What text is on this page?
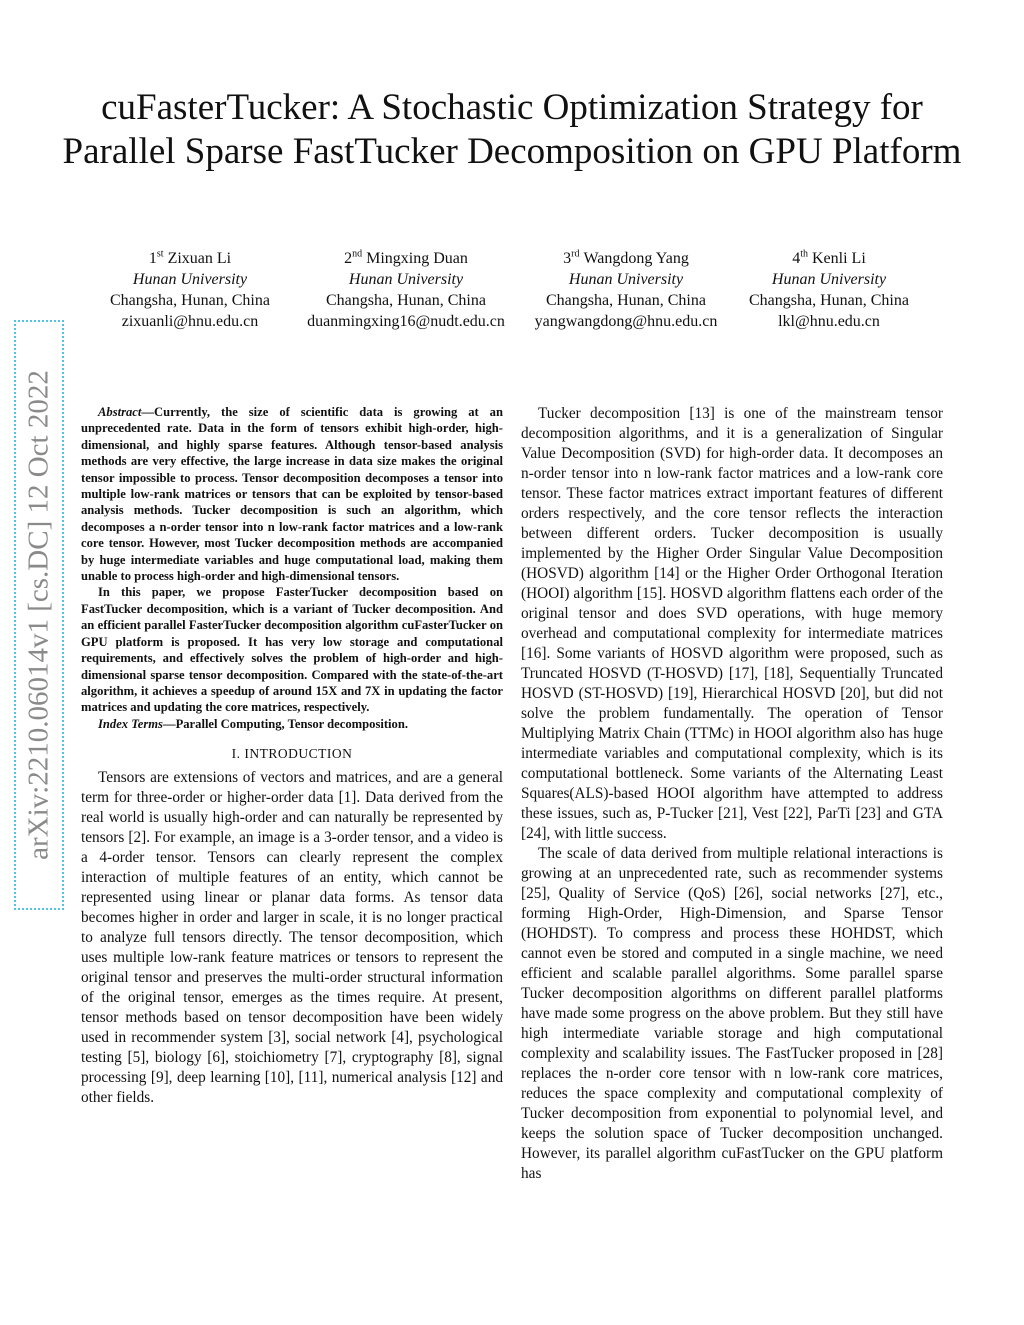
cuFasterTucker: A Stochastic Optimization Strategy for Parallel Sparse FastTucker Decomposition on GPU Platform
1st Zixuan Li
Hunan University
Changsha, Hunan, China
zixuanli@hnu.edu.cn
2nd Mingxing Duan
Hunan University
Changsha, Hunan, China
duanmingxing16@nudt.edu.cn
3rd Wangdong Yang
Hunan University
Changsha, Hunan, China
yangwangdong@hnu.edu.cn
4th Kenli Li
Hunan University
Changsha, Hunan, China
lkl@hnu.edu.cn
arXiv:2210.06014v1 [cs.DC] 12 Oct 2022	Abstract—Currently, the size of scientific data is growing at an unprecedented rate. Data in the form of tensors exhibit high-order, high-dimensional, and highly sparse features. Although tensor-based analysis methods are very effective, the large increase in data size makes the original tensor impossible to process. Tensor decomposition decomposes a tensor into multiple low-rank matrices or tensors that can be exploited by tensor-based analysis methods. Tucker decomposition is such an algorithm, which decomposes a n-order tensor into n low-rank factor matrices and a low-rank core tensor. However, most Tucker decomposition methods are accompanied by huge intermediate variables and huge computational load, making them unable to process high-order and high-dimensional tensors.

In this paper, we propose FasterTucker decomposition based on FastTucker decomposition, which is a variant of Tucker decomposition. And an efficient parallel FasterTucker decomposition algorithm cuFasterTucker on GPU platform is proposed. It has very low storage and computational requirements, and effectively solves the problem of high-order and high-dimensional sparse tensor decomposition. Compared with the state-of-the-art algorithm, it achieves a speedup of around 15X and 7X in updating the factor matrices and updating the core matrices, respectively.

Index Terms—Parallel Computing, Tensor decomposition.

I. INTRODUCTION

Tensors are extensions of vectors and matrices, and are a general term for three-order or higher-order data [1]. Data derived from the real world is usually high-order and can naturally be represented by tensors [2]. For example, an image is a 3-order tensor, and a video is a 4-order tensor. Tensors can clearly represent the complex interaction of multiple features of an entity, which cannot be represented using linear or planar data forms. As tensor data becomes higher in order and larger in scale, it is no longer practical to analyze full tensors directly. The tensor decomposition, which uses multiple low-rank feature matrices or tensors to represent the original tensor and preserves the multi-order structural information of the original tensor, emerges as the times require. At present, tensor methods based on tensor decomposition have been widely used in recommender system [3], social network [4], psychological testing [5], biology [6], stoichiometry [7], cryptography [8], signal processing [9], deep learning [10], [11], numerical analysis [12] and other fields.

Tucker decomposition [13] is one of the mainstream tensor decomposition algorithms, and it is a generalization of Singular Value Decomposition (SVD) for high-order data. It decomposes an n-order tensor into n low-rank factor matrices and a low-rank core tensor. These factor matrices extract important features of different orders respectively, and the core tensor reflects the interaction between different orders. Tucker decomposition is usually implemented by the Higher Order Singular Value Decomposition (HOSVD) algorithm [14] or the Higher Order Orthogonal Iteration (HOOI) algorithm [15]. HOSVD algorithm flattens each order of the original tensor and does SVD operations, with huge memory overhead and computational complexity for intermediate matrices [16]. Some variants of HOSVD algorithm were proposed, such as Truncated HOSVD (T-HOSVD) [17], [18], Sequentially Truncated HOSVD (ST-HOSVD) [19], Hierarchical HOSVD [20], but did not solve the problem fundamentally. The operation of Tensor Multiplying Matrix Chain (TTMc) in HOOI algorithm also has huge intermediate variables and computational complexity, which is its computational bottleneck. Some variants of the Alternating Least Squares(ALS)-based HOOI algorithm have attempted to address these issues, such as, P-Tucker [21], Vest [22], ParTi [23] and GTA [24], with little success.

The scale of data derived from multiple relational interactions is growing at an unprecedented rate, such as recommender systems [25], Quality of Service (QoS) [26], social networks [27], etc., forming High-Order, High-Dimension, and Sparse Tensor (HOHDST). To compress and process these HOHDST, which cannot even be stored and computed in a single machine, we need efficient and scalable parallel algorithms. Some parallel sparse Tucker decomposition algorithms on different parallel platforms have made some progress on the above problem. But they still have high intermediate variable storage and high computational complexity and scalability issues. The FastTucker proposed in [28] replaces the n-order core tensor with n low-rank core matrices, reduces the space complexity and computational complexity of Tucker decomposition from exponential to polynomial level, and keeps the solution space of Tucker decomposition unchanged. However, its parallel algorithm cuFastTucker on the GPU platform has
